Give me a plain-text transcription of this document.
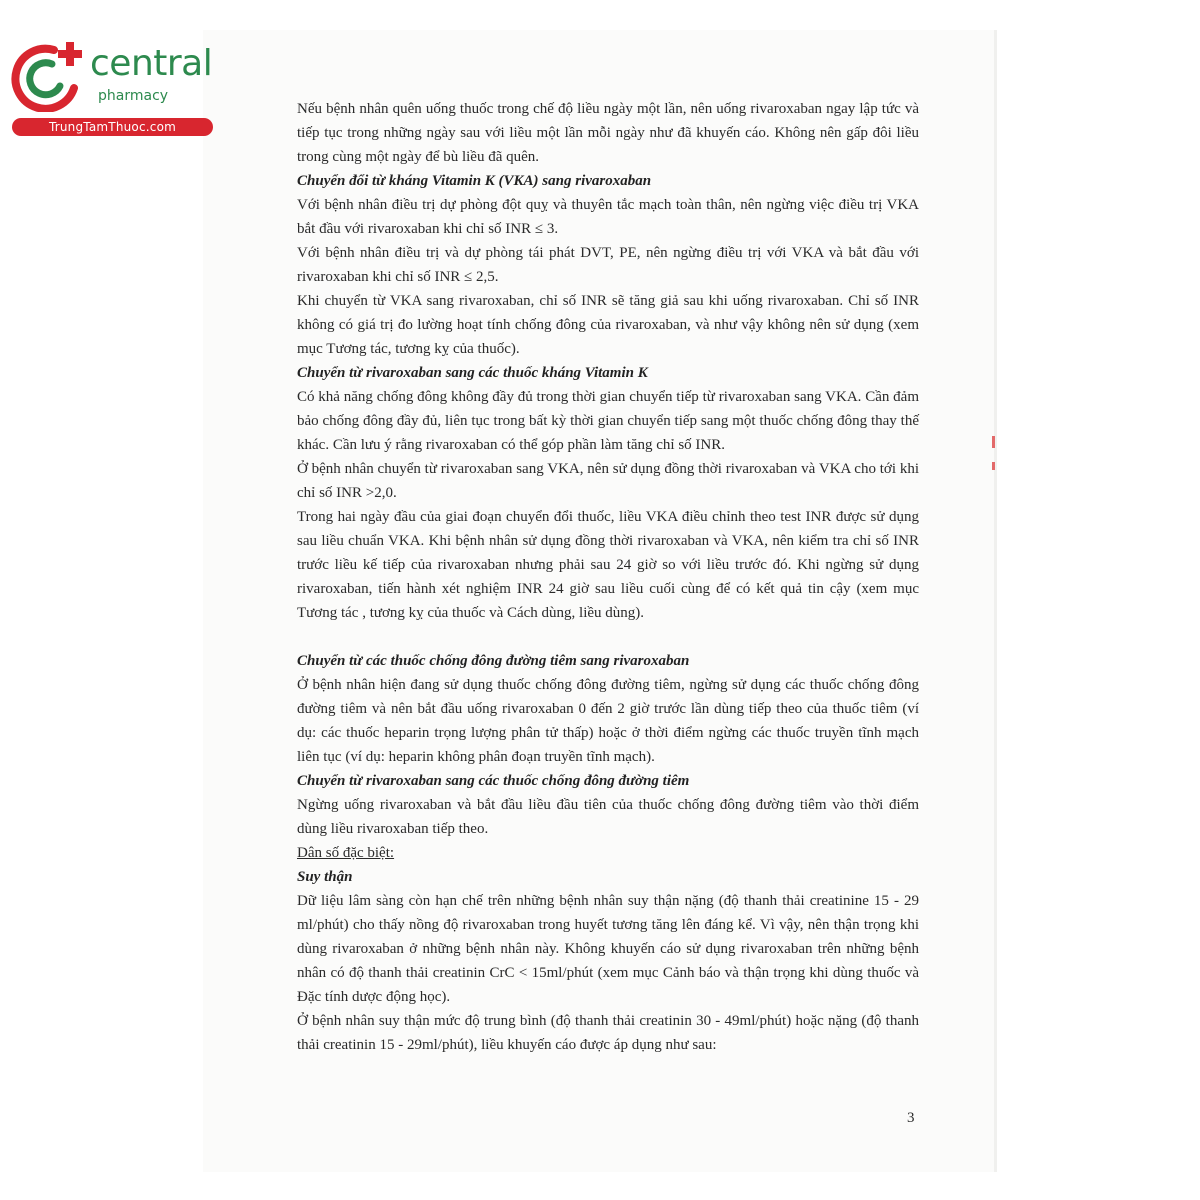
central
pharmacy
TrungTamThuoc.com

Nếu bệnh nhân quên uống thuốc trong chế độ liều ngày một lần, nên uống rivaroxaban ngay lập tức và tiếp tục trong những ngày sau với liều một lần mỗi ngày như đã khuyến cáo. Không nên gấp đôi liều trong cùng một ngày để bù liều đã quên.

Chuyển đổi từ kháng Vitamin K (VKA) sang rivaroxaban

Với bệnh nhân điều trị dự phòng đột quỵ và thuyên tắc mạch toàn thân, nên ngừng việc điều trị VKA bắt đầu với rivaroxaban khi chỉ số INR ≤ 3.

Với bệnh nhân điều trị và dự phòng tái phát DVT, PE, nên ngừng điều trị với VKA và bắt đầu với rivaroxaban khi chỉ số INR ≤ 2,5.

Khi chuyển từ VKA sang rivaroxaban, chỉ số INR sẽ tăng giả sau khi uống rivaroxaban. Chỉ số INR không có giá trị đo lường hoạt tính chống đông của rivaroxaban, và như vậy không nên sử dụng (xem mục Tương tác, tương kỵ của thuốc).

Chuyển từ rivaroxaban sang các thuốc kháng Vitamin K

Có khả năng chống đông không đầy đủ trong thời gian chuyển tiếp từ rivaroxaban sang VKA. Cần đảm bảo chống đông đầy đủ, liên tục trong bất kỳ thời gian chuyển tiếp sang một thuốc chống đông thay thế khác. Cần lưu ý rằng rivaroxaban có thể góp phần làm tăng chỉ số INR.

Ở bệnh nhân chuyển từ rivaroxaban sang VKA, nên sử dụng đồng thời rivaroxaban và VKA cho tới khi chỉ số INR >2,0.

Trong hai ngày đầu của giai đoạn chuyển đổi thuốc, liều VKA điều chỉnh theo test INR được sử dụng sau liều chuẩn VKA. Khi bệnh nhân sử dụng đồng thời rivaroxaban và VKA, nên kiểm tra chỉ số INR trước liều kế tiếp của rivaroxaban nhưng phải sau 24 giờ so với liều trước đó. Khi ngừng sử dụng rivaroxaban, tiến hành xét nghiệm INR 24 giờ sau liều cuối cùng để có kết quả tin cậy (xem mục Tương tác , tương kỵ của thuốc và Cách dùng, liều dùng).

Chuyển từ các thuốc chống đông đường tiêm sang rivaroxaban

Ở bệnh nhân hiện đang sử dụng thuốc chống đông đường tiêm, ngừng sử dụng các thuốc chống đông đường tiêm và nên bắt đầu uống rivaroxaban 0 đến 2 giờ trước lần dùng tiếp theo của thuốc tiêm (ví dụ: các thuốc heparin trọng lượng phân tử thấp) hoặc ở thời điểm ngừng các thuốc truyền tĩnh mạch liên tục (ví dụ: heparin không phân đoạn truyền tĩnh mạch).

Chuyển từ rivaroxaban sang các thuốc chống đông đường tiêm

Ngừng uống rivaroxaban và bắt đầu liều đầu tiên của thuốc chống đông đường tiêm vào thời điểm dùng liều rivaroxaban tiếp theo.

Dân số đặc biệt:

Suy thận

Dữ liệu lâm sàng còn hạn chế trên những bệnh nhân suy thận nặng (độ thanh thải creatinine 15 - 29 ml/phút) cho thấy nồng độ rivaroxaban trong huyết tương tăng lên đáng kể. Vì vậy, nên thận trọng khi dùng rivaroxaban ở những bệnh nhân này. Không khuyến cáo sử dụng rivaroxaban trên những bệnh nhân có độ thanh thải creatinin CrC < 15ml/phút (xem mục Cảnh báo và thận trọng khi dùng thuốc và Đặc tính dược động học).

Ở bệnh nhân suy thận mức độ trung bình (độ thanh thải creatinin 30 - 49ml/phút) hoặc nặng (độ thanh thải creatinin 15 - 29ml/phút), liều khuyến cáo được áp dụng như sau:

3
